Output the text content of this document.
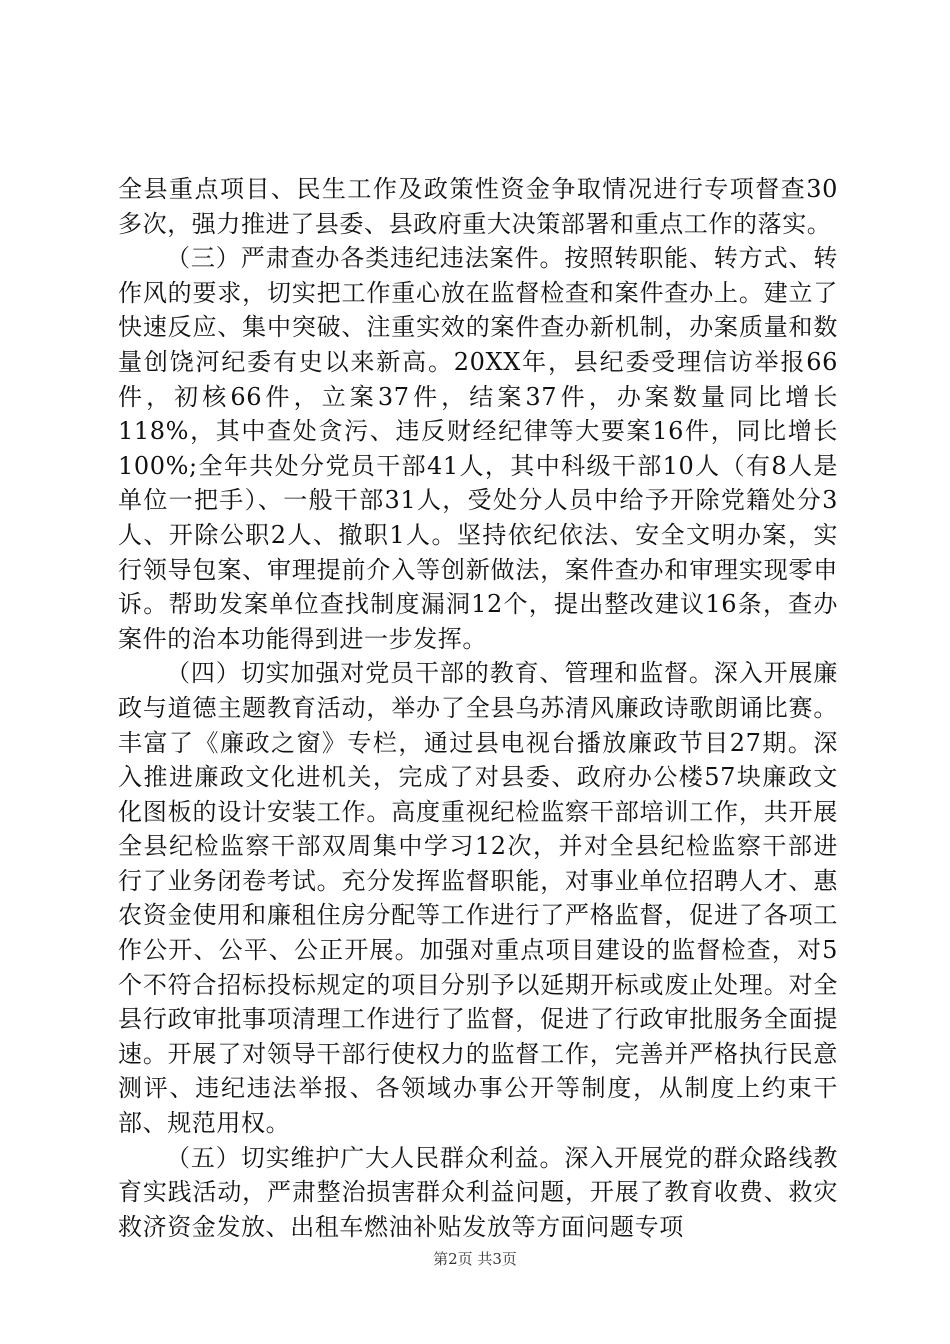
全县重点项目、民生工作及政策性资金争取情况进行专项督查30多次，强力推进了县委、县政府重大决策部署和重点工作的落实。

（三）严肃查办各类违纪违法案件。按照转职能、转方式、转作风的要求，切实把工作重心放在监督检查和案件查办上。建立了快速反应、集中突破、注重实效的案件查办新机制，办案质量和数量创饶河纪委有史以来新高。20XX年，县纪委受理信访举报66件，初核66件，立案37件，结案37件，办案数量同比增长118%，其中查处贪污、违反财经纪律等大要案16件，同比增长100%;全年共处分党员干部41人，其中科级干部10人（有8人是单位一把手）、一般干部31人，受处分人员中给予开除党籍处分3人、开除公职2人、撤职1人。坚持依纪依法、安全文明办案，实行领导包案、审理提前介入等创新做法，案件查办和审理实现零申诉。帮助发案单位查找制度漏洞12个，提出整改建议16条，查办案件的治本功能得到进一步发挥。

（四）切实加强对党员干部的教育、管理和监督。深入开展廉政与道德主题教育活动，举办了全县乌苏清风廉政诗歌朗诵比赛。丰富了《廉政之窗》专栏，通过县电视台播放廉政节目27期。深入推进廉政文化进机关，完成了对县委、政府办公楼57块廉政文化图板的设计安装工作。高度重视纪检监察干部培训工作，共开展全县纪检监察干部双周集中学习12次，并对全县纪检监察干部进行了业务闭卷考试。充分发挥监督职能，对事业单位招聘人才、惠农资金使用和廉租住房分配等工作进行了严格监督，促进了各项工作公开、公平、公正开展。加强对重点项目建设的监督检查，对5个不符合招标投标规定的项目分别予以延期开标或废止处理。对全县行政审批事项清理工作进行了监督，促进了行政审批服务全面提速。开展了对领导干部行使权力的监督工作，完善并严格执行民意测评、违纪违法举报、各领域办事公开等制度，从制度上约束干部、规范用权。

（五）切实维护广大人民群众利益。深入开展党的群众路线教育实践活动，严肃整治损害群众利益问题，开展了教育收费、救灾救济资金发放、出租车燃油补贴发放等方面问题专项

第2页 共3页
